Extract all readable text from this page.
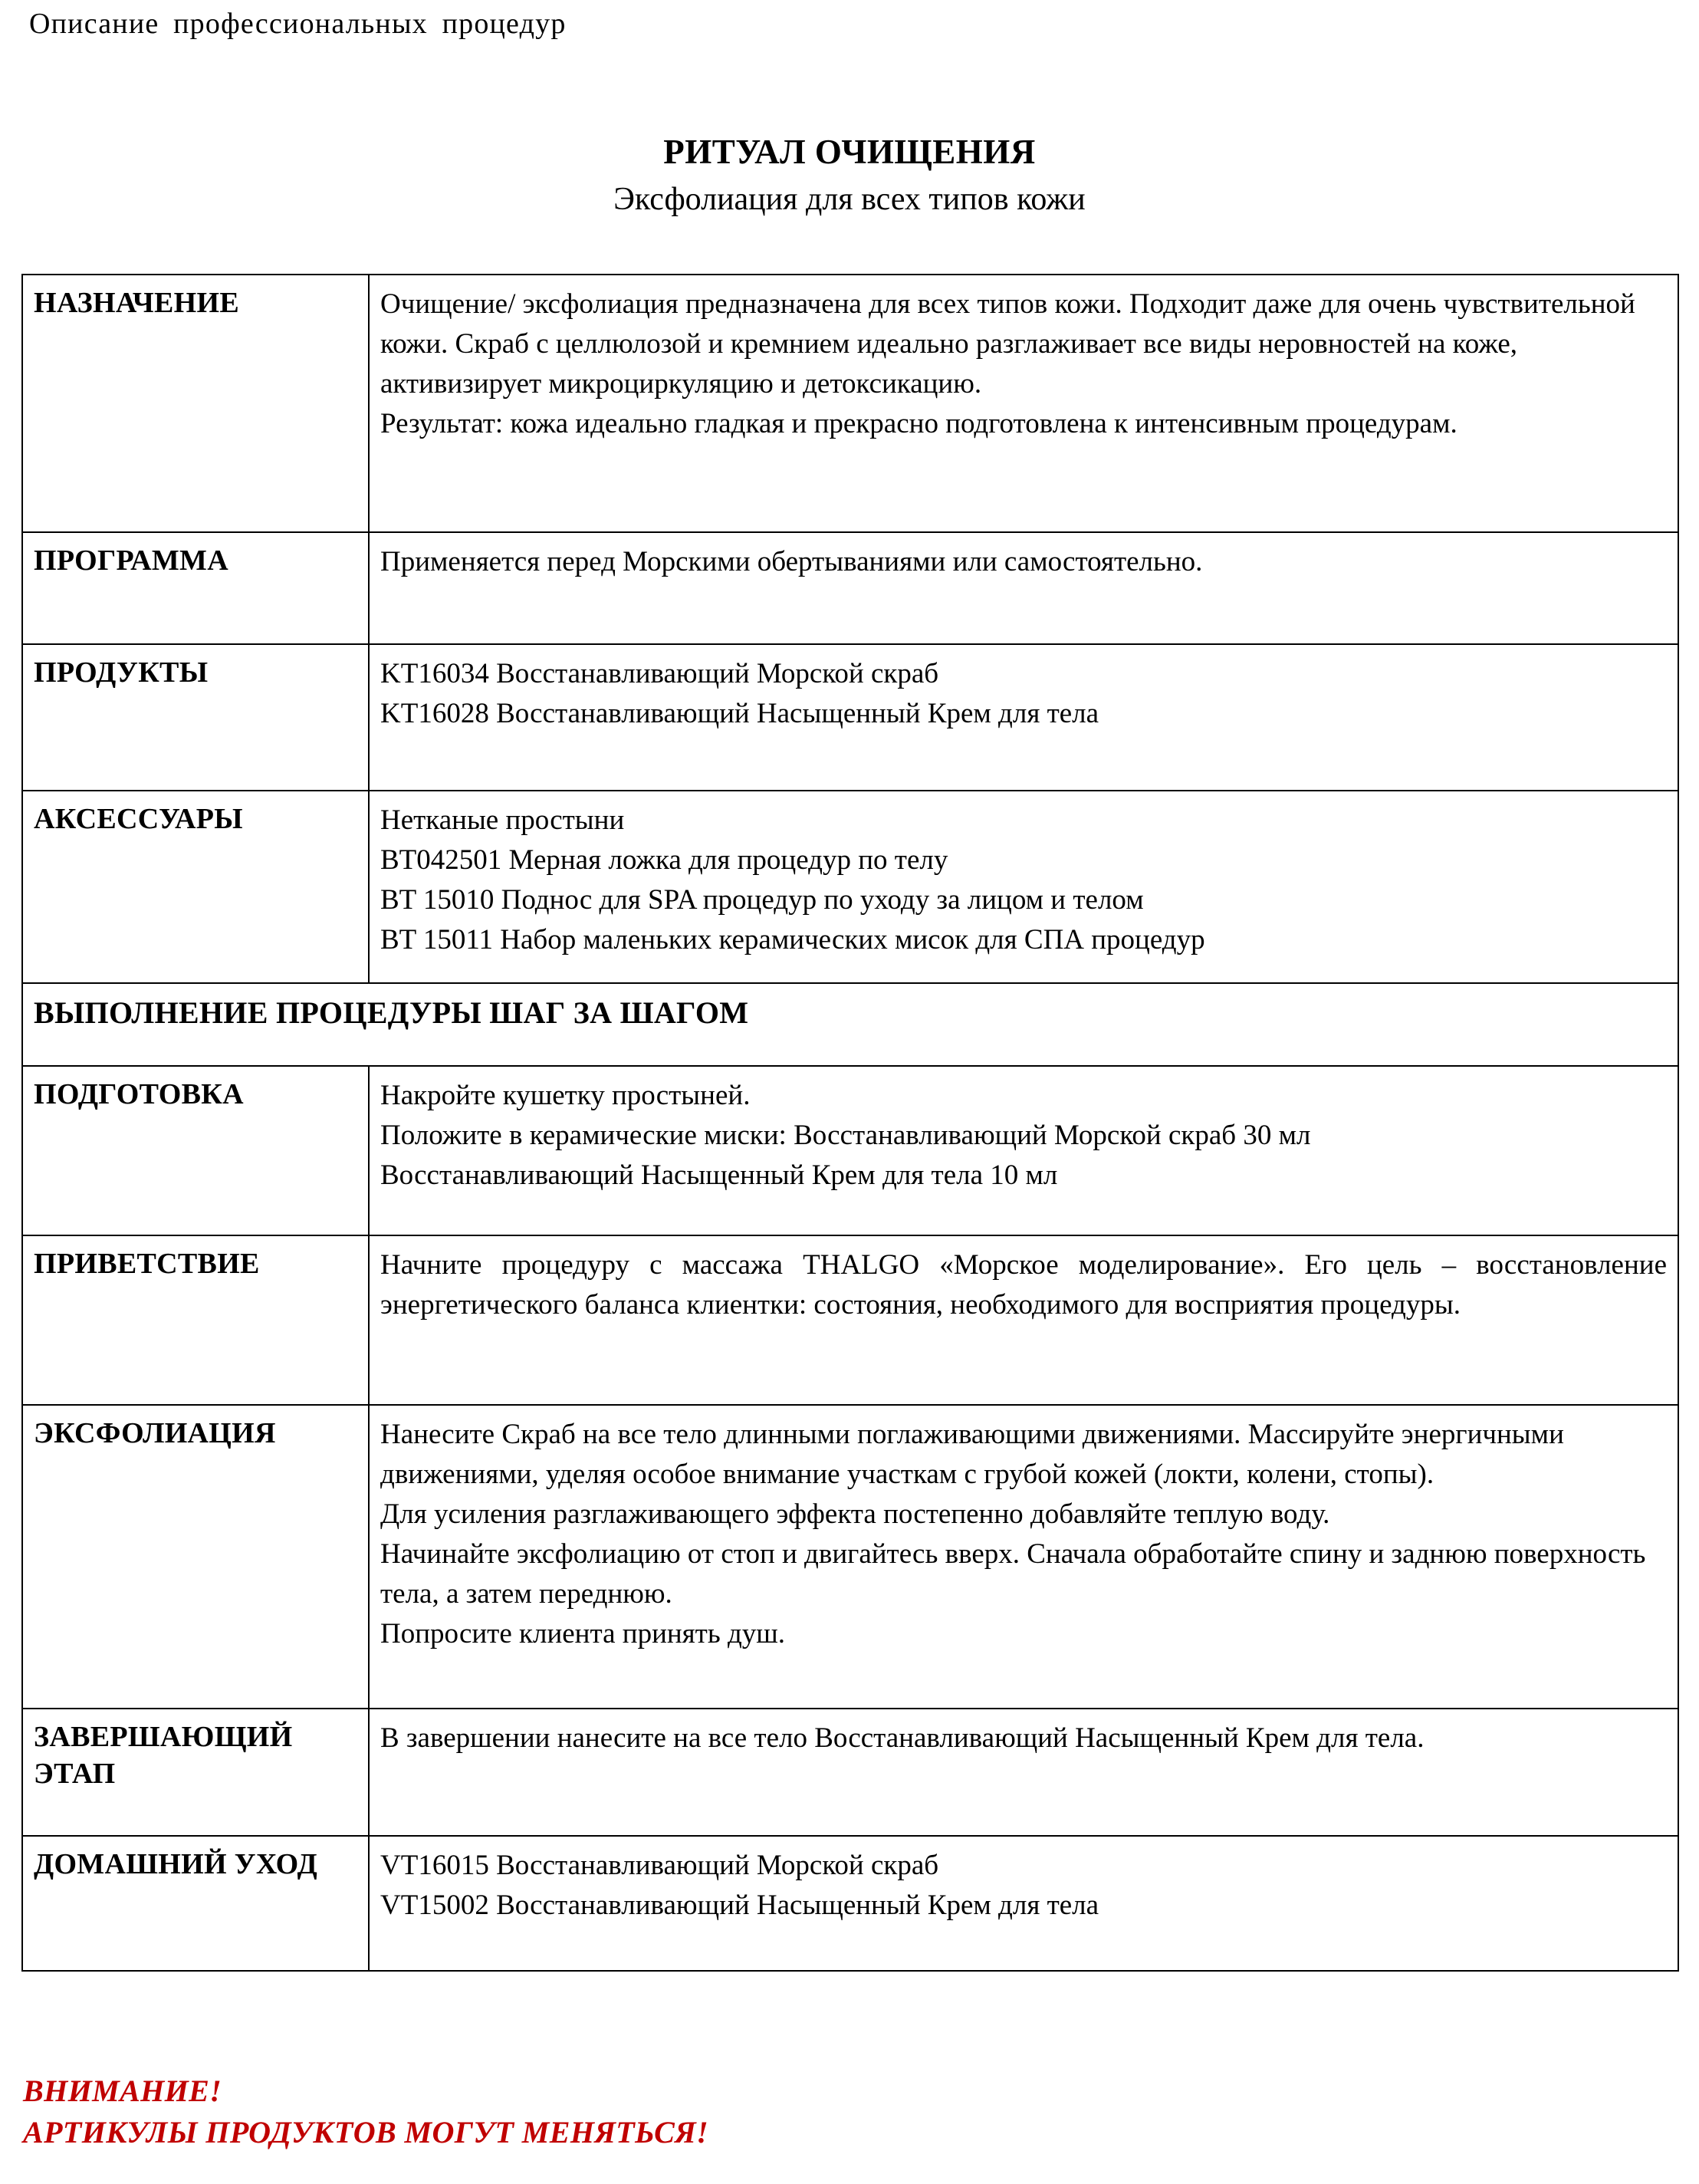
Описание профессиональных процедур
РИТУАЛ ОЧИЩЕНИЯ
Эксфолиация для всех типов кожи
НАЗНАЧЕНИЕ	Очищение/ эксфолиация предназначена для всех типов кожи. Подходит даже для очень чувствительной кожи. Скраб с целлюлозой и кремнием идеально разглаживает все виды неровностей на коже, активизирует микроциркуляцию и детоксикацию.
Результат: кожа идеально гладкая и прекрасно подготовлена к интенсивным процедурам.

ПРОГРАММА	Применяется перед Морскими обертываниями или самостоятельно.

ПРОДУКТЫ	KT16034 Восстанавливающий Морской скраб
KT16028 Восстанавливающий Насыщенный Крем для тела

АКСЕССУАРЫ	Нетканые простыни
BT042501 Мерная ложка для процедур по телу
BT 15010 Поднос для SPA процедур по уходу за лицом и телом
BT 15011 Набор маленьких керамических мисок для СПА процедур

ВЫПОЛНЕНИЕ ПРОЦЕДУРЫ ШАГ ЗА ШАГОМ	

ПОДГОТОВКА	Накройте кушетку простыней.
Положите в керамические миски: Восстанавливающий Морской скраб 30 мл
Восстанавливающий Насыщенный Крем для тела 10 мл

ПРИВЕТСТВИЕ	Начните процедуру с массажа THALGO «Морское моделирование». Его цель – восстановление энергетического баланса клиентки: состояния, необходимого для восприятия процедуры.

ЭКСФОЛИАЦИЯ	Нанесите Скраб на все тело длинными поглаживающими движениями. Массируйте энергичными движениями, уделяя особое внимание участкам с грубой кожей (локти, колени, стопы).
Для усиления разглаживающего эффекта постепенно добавляйте теплую воду.
Начинайте эксфолиацию от стоп и двигайтесь вверх. Сначала обработайте спину и заднюю поверхность тела, а затем переднюю.
Попросите клиента принять душ.

ЗАВЕРШАЮЩИЙ ЭТАП	В завершении нанесите на все тело Восстанавливающий Насыщенный Крем для тела.

ДОМАШНИЙ УХОД	VT16015 Восстанавливающий Морской скраб
VT15002 Восстанавливающий Насыщенный Крем для тела
ВНИМАНИЕ!
АРТИКУЛЫ ПРОДУКТОВ МОГУТ МЕНЯТЬСЯ!
